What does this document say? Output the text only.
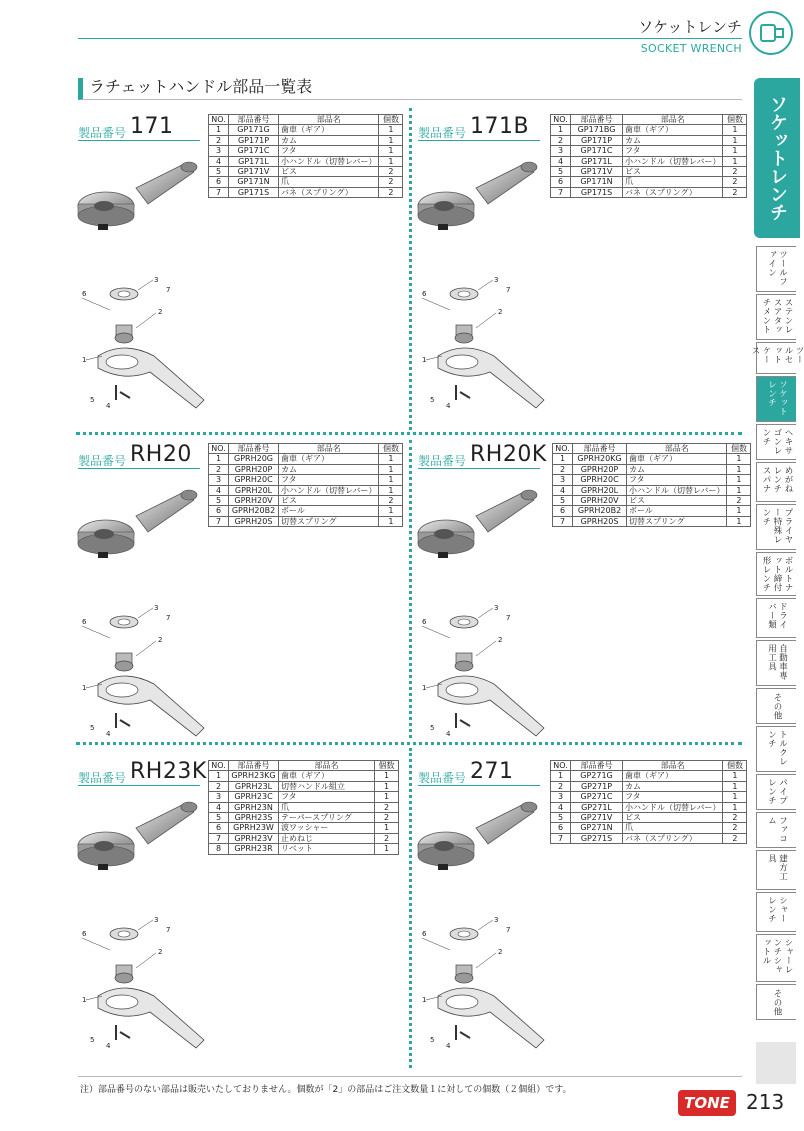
ソケットレンチ
SOCKET WRENCH
ラチェットハンドル部品一覧表
ソケットレンチ
ツールファイン
ステンレスアタッチメント
ツールセットケース
ソケットレンチ
ヘキサゴンレンチ
めがねレンチスパナ
プライヤー特殊レンチ
ボルトナット締付形レンチ
ドライバー類
自動車専用工具
その他
トルクレンチ
パイプレンチ
ファコム
建方工具
シャーレンチ
シャーレンチシャットル
その他
製品番号 171	NO.	部品番号	部品名	個数
1	GP171G	歯車（ギア）	1
2	GP171P	カム	1
3	GP171C	フタ	1
4	GP171L	小ハンドル（切替レバー）	1
5	GP171V	ビス	2
6	GP171N	爪	2
7	GP171S	バネ（スプリング）	2
3
7
6
2
1
5
4
製品番号 171B	NO.	部品番号	部品名	個数
1	GP171BG	歯車（ギア）	1
2	GP171P	カム	1
3	GP171C	フタ	1
4	GP171L	小ハンドル（切替レバー）	1
5	GP171V	ビス	2
6	GP171N	爪	2
7	GP171S	バネ（スプリング）	2
3
7
6
2
1
5
4
製品番号 RH20 NO.	部品番号	部品名	個数
1	GPRH20G	歯車（ギア）	1
2	GPRH20P	カム	1
3	GPRH20C	フタ	1
4	GPRH20L	小ハンドル（切替レバー）	1
5	GPRH20V	ビス	2
6	GPRH20B2	ボール	1
7	GPRH20S	切替スプリング	1
3
7
6
2
1
5
4
製品番号 RH20K NO.	部品番号	部品名	個数
1	GPRH20KG	歯車（ギア）	1
2	GPRH20P	カム	1
3	GPRH20C	フタ	1
4	GPRH20L	小ハンドル（切替レバー）	1
5	GPRH20V	ビス	2
6	GPRH20B2	ボール	1
7	GPRH20S	切替スプリング	1
3
7
6
2
1
5
4
製品番号 RH23K NO.	部品番号	部品名	個数
1	GPRH23KG	歯車（ギア）	1
2	GPRH23L	切替ハンドル組立	1
3	GPRH23C	フタ	1
4	GPRH23N	爪	2
5	GPRH23S	テーパースプリング	2
6	GPRH23W	波ワッシャー	1
7	GPRH23V	止めねじ	2
8	GPRH23R	リベット	1
3
7
6
2
1
5
4
製品番号 271	NO.	部品番号	部品名	個数
1	GP271G	歯車（ギア）	1
2	GP271P	カム	1
3	GP271C	フタ	1
4	GP271L	小ハンドル（切替レバー）	1
5	GP271V	ビス	2
6	GP271N	爪	2
7	GP271S	バネ（スプリング）	2
3
7
6
2
1
5
4
注）部品番号のない部品は販売いたしておりません。個数が「2」の部品はご注文数量１に対しての個数（２個組）です。
TONE 213
